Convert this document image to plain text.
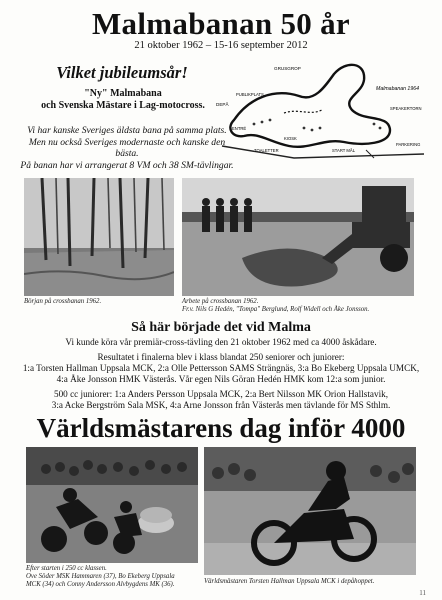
Malmabanan 50 år
21 oktober 1962 – 15-16 september 2012
Vilket jubileumsår!
"Ny" Malmabana
och Svenska Mästare i Lag-motocross.
Vi har kanske Sveriges äldsta bana på samma plats.
Men nu också Sveriges modernaste och kanske den bästa.
På banan har vi arrangerat 8 VM och 38 SM-tävlingar.
GRUSGROP
Malmabanan 1964
DEPÅ
PUBLIKPLATS
SPEAKERTORN
ENTRÉ
TOALETTER	START MÅL
PARKERING
KIOSK
Början på crossbanan 1962.	Arbete på crossbanan 1962.
Fr.v. Nils G Hedén, "Tompa" Berglund, Rolf Widell och Åke Jonsson.
Så här började det vid Malma
Vi kunde köra vår premiär-cross-tävling den 21 oktober 1962 med ca 4000 åskådare.
Resultatet i finalerna blev i klass blandat 250 seniorer och juniorer:
1:a Torsten Hallman Uppsala MCK, 2:a Olle Pettersson SAMS Strängnäs, 3:a Bo Ekeberg Uppsala UMCK,
4:a Åke Jonsson HMK Västerås. Vår egen Nils Göran Hedén HMK kom 12:a som junior.
500 cc juniorer: 1:a Anders Persson Uppsala MCK, 2:a Bert Nilsson MK Orion Hallstavik,
3:a Acke Bergström Sala MSK, 4:a Arne Jonsson från Västerås men tävlande för MS Sthlm.
Världsmästarens dag inför 4000
Efter starten i 250 cc klassen.
Ove Söder MSK Hammaren (37), Bo Ekeberg Uppsala
MCK (34) och Conny Andersson Alvbygdens MK (36).	Världsmästaren Torsten Hallman Uppsala MCK i depåhoppet.
11
